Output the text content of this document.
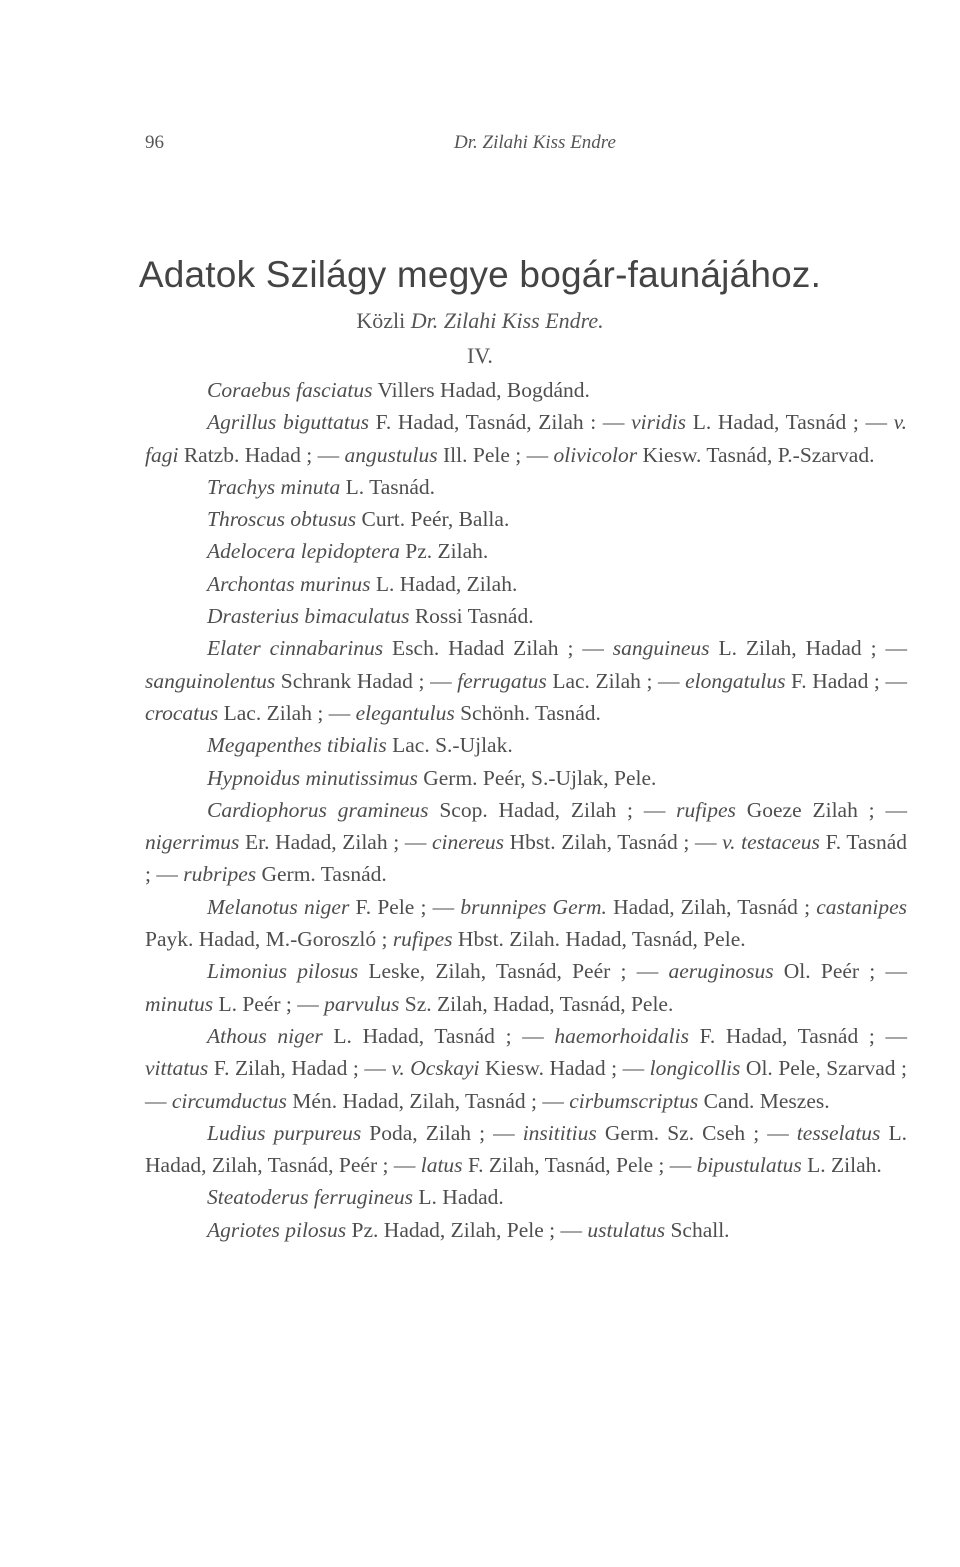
96	Dr. Zilahi Kiss Endre
Adatok Szilágy megye bogár-faunájához.
Közli Dr. Zilahi Kiss Endre.
IV.

Coraebus fasciatus Villers Hadad, Bogdánd.

Agrillus biguttatus F. Hadad, Tasnád, Zilah : — viridis L. Hadad, Tasnád ; — v. fagi Ratzb. Hadad ; — angustulus Ill. Pele ; — olivicolor Kiesw. Tasnád, P.-Szarvad.

Trachys minuta L. Tasnád.

Throscus obtusus Curt. Peér, Balla.

Adelocera lepidoptera Pz. Zilah.

Archontas murinus L. Hadad, Zilah.

Drasterius bimaculatus Rossi Tasnád.

Elater cinnabarinus Esch. Hadad Zilah ; — sanguineus L. Zilah, Hadad ; — sanguinolentus Schrank Hadad ; — ferrugatus Lac. Zilah ; — elongatulus F. Hadad ; — crocatus Lac. Zilah ; — elegantulus Schönh. Tasnád.

Megapenthes tibialis Lac. S.-Ujlak.

Hypnoidus minutissimus Germ. Peér, S.-Ujlak, Pele.

Cardiophorus gramineus Scop. Hadad, Zilah ; — rufipes Goeze Zilah ; — nigerrimus Er. Hadad, Zilah ; — cinereus Hbst. Zilah, Tasnád ; — v. testaceus F. Tasnád ; — rubripes Germ. Tasnád.

Melanotus niger F. Pele ; — brunnipes Germ. Hadad, Zilah, Tasnád ; castanipes Payk. Hadad, M.-Goroszló ; rufipes Hbst. Zilah. Hadad, Tasnád, Pele.

Limonius pilosus Leske, Zilah, Tasnád, Peér ; — aeruginosus Ol. Peér ; — minutus L. Peér ; — parvulus Sz. Zilah, Hadad, Tasnád, Pele.

Athous niger L. Hadad, Tasnád ; — haemorhoidalis F. Hadad, Tasnád ; — vittatus F. Zilah, Hadad ; — v. Ocskayi Kiesw. Hadad ; — longicollis Ol. Pele, Szarvad ; — circumductus Mén. Hadad, Zilah, Tasnád ; — cirbumscriptus Cand. Meszes.

Ludius purpureus Poda, Zilah ; — insititius Germ. Sz. Cseh ; — tesselatus L. Hadad, Zilah, Tasnád, Peér ; — latus F. Zilah, Tasnád, Pele ; — bipustulatus L. Zilah.

Steatoderus ferrugineus L. Hadad.

Agriotes pilosus Pz. Hadad, Zilah, Pele ; — ustulatus Schall.
